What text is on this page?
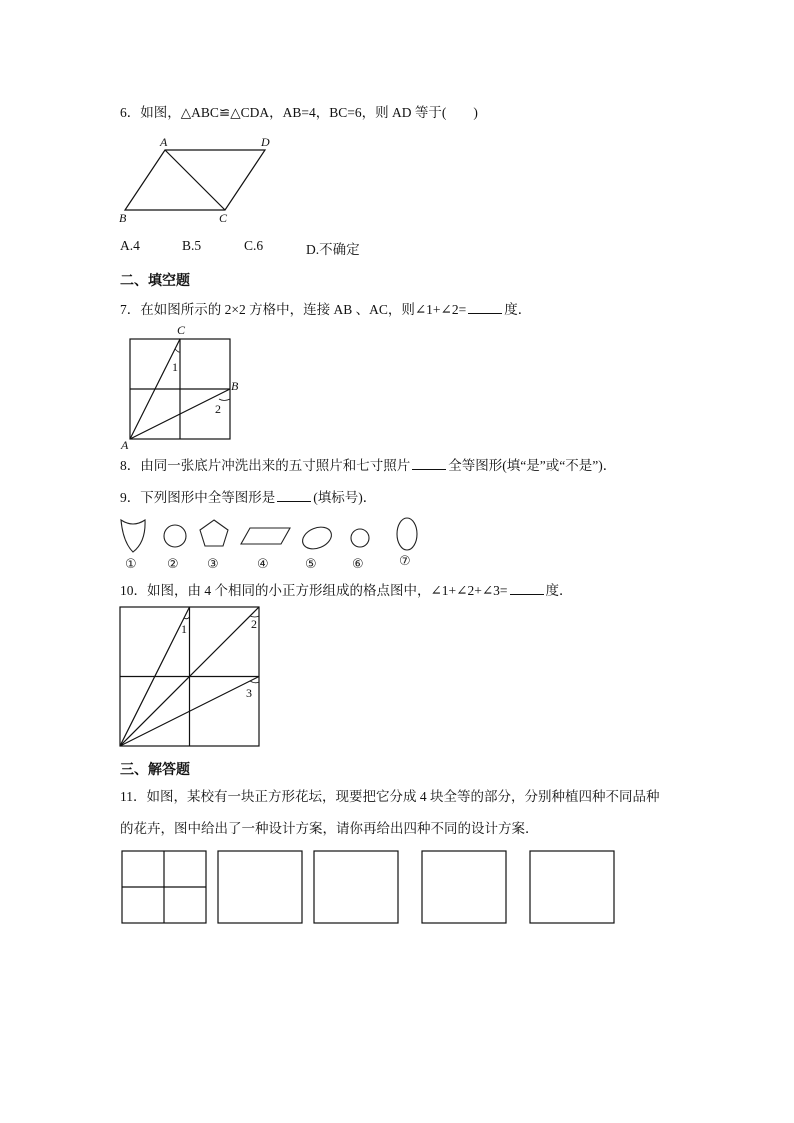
6．如图，△ABC≌△CDA，AB=4，BC=6，则 AD 等于(　　)
A	D
B	C
A.4	B.5	C.6	D.不确定
二、填空题
7．在如图所示的 2×2 方格中，连接 AB 、AC，则∠1+∠2=	度．
C
B
A
1
2
8．由同一张底片冲洗出来的五寸照片和七寸照片	全等图形(填“是”或“不是”)．
9．下列图形中全等图形是	(填标号)．
① ② ③	④	⑤	⑥	⑦
10．如图，由 4 个相同的小正方形组成的格点图中，∠1+∠2+∠3=	度．
1	2
3
三、解答题
11．如图，某校有一块正方形花坛，现要把它分成 4 块全等的部分，分别种植四种不同品种
的花卉，图中给出了一种设计方案，请你再给出四种不同的设计方案．
